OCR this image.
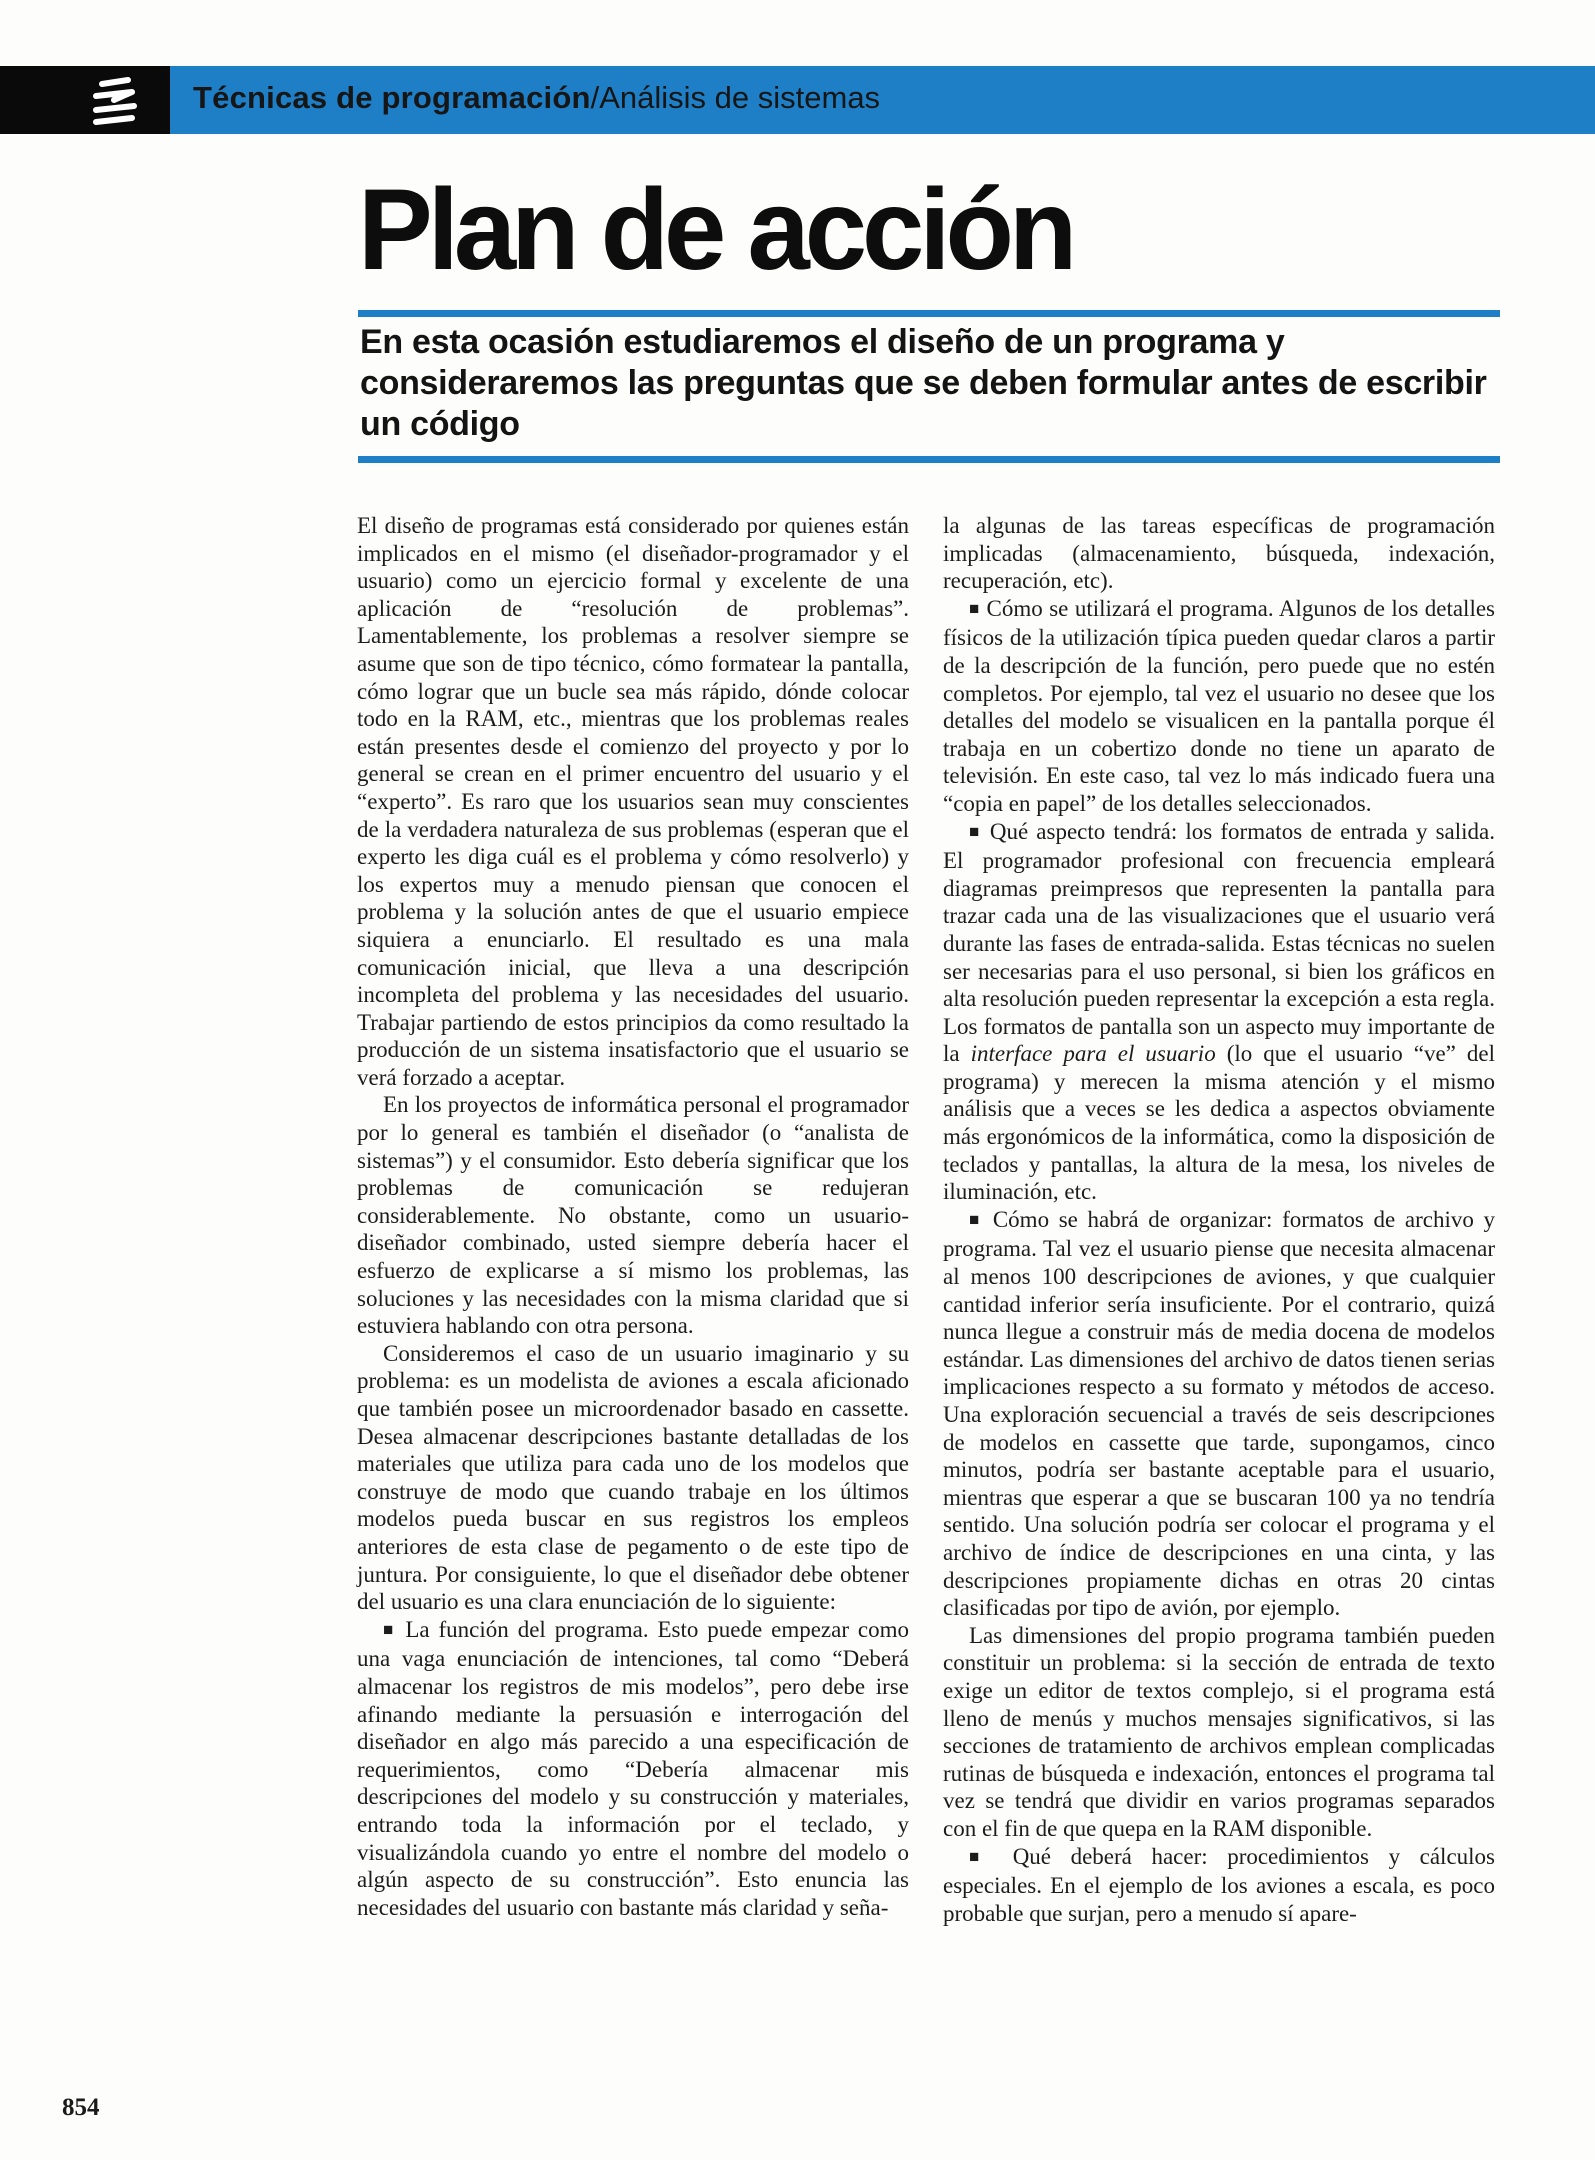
Técnicas de programación/Análisis de sistemas
Plan de acción

En esta ocasión estudiaremos el diseño de un programa y consideraremos las preguntas que se deben formular antes de escribir un código

El diseño de programas está considerado por quienes están implicados en el mismo (el diseñador-programador y el usuario) como un ejercicio formal y excelente de una aplicación de “resolución de problemas”. Lamentablemente, los problemas a resolver siempre se asume que son de tipo técnico, cómo formatear la pantalla, cómo lograr que un bucle sea más rápido, dónde colocar todo en la RAM, etc., mientras que los problemas reales están presentes desde el comienzo del proyecto y por lo general se crean en el primer encuentro del usuario y el “experto”. Es raro que los usuarios sean muy conscientes de la verdadera naturaleza de sus problemas (esperan que el experto les diga cuál es el problema y cómo resolverlo) y los expertos muy a menudo piensan que conocen el problema y la solución antes de que el usuario empiece siquiera a enunciarlo. El resultado es una mala comunicación inicial, que lleva a una descripción incompleta del problema y las necesidades del usuario. Trabajar partiendo de estos principios da como resultado la producción de un sistema insatisfactorio que el usuario se verá forzado a aceptar.

En los proyectos de informática personal el programador por lo general es también el diseñador (o “analista de sistemas”) y el consumidor. Esto debería significar que los problemas de comunicación se redujeran considerablemente. No obstante, como un usuario-diseñador combinado, usted siempre debería hacer el esfuerzo de explicarse a sí mismo los problemas, las soluciones y las necesidades con la misma claridad que si estuviera hablando con otra persona.

Consideremos el caso de un usuario imaginario y su problema: es un modelista de aviones a escala aficionado que también posee un microordenador basado en cassette. Desea almacenar descripciones bastante detalladas de los materiales que utiliza para cada uno de los modelos que construye de modo que cuando trabaje en los últimos modelos pueda buscar en sus registros los empleos anteriores de esta clase de pegamento o de este tipo de juntura. Por consiguiente, lo que el diseñador debe obtener del usuario es una clara enunciación de lo siguiente:

■ La función del programa. Esto puede empezar como una vaga enunciación de intenciones, tal como “Deberá almacenar los registros de mis modelos”, pero debe irse afinando mediante la persuasión e interrogación del diseñador en algo más parecido a una especificación de requerimientos, como “Debería almacenar mis descripciones del modelo y su construcción y materiales, entrando toda la información por el teclado, y visualizándola cuando yo entre el nombre del modelo o algún aspecto de su construcción”. Esto enuncia las necesidades del usuario con bastante más claridad y seña-

la algunas de las tareas específicas de programación implicadas (almacenamiento, búsqueda, indexación, recuperación, etc).

■ Cómo se utilizará el programa. Algunos de los detalles físicos de la utilización típica pueden quedar claros a partir de la descripción de la función, pero puede que no estén completos. Por ejemplo, tal vez el usuario no desee que los detalles del modelo se visualicen en la pantalla porque él trabaja en un cobertizo donde no tiene un aparato de televisión. En este caso, tal vez lo más indicado fuera una “copia en papel” de los detalles seleccionados.

■ Qué aspecto tendrá: los formatos de entrada y salida. El programador profesional con frecuencia empleará diagramas preimpresos que representen la pantalla para trazar cada una de las visualizaciones que el usuario verá durante las fases de entrada-salida. Estas técnicas no suelen ser necesarias para el uso personal, si bien los gráficos en alta resolución pueden representar la excepción a esta regla. Los formatos de pantalla son un aspecto muy importante de la interface para el usuario (lo que el usuario “ve” del programa) y merecen la misma atención y el mismo análisis que a veces se les dedica a aspectos obviamente más ergonómicos de la informática, como la disposición de teclados y pantallas, la altura de la mesa, los niveles de iluminación, etc.

■ Cómo se habrá de organizar: formatos de archivo y programa. Tal vez el usuario piense que necesita almacenar al menos 100 descripciones de aviones, y que cualquier cantidad inferior sería insuficiente. Por el contrario, quizá nunca llegue a construir más de media docena de modelos estándar. Las dimensiones del archivo de datos tienen serias implicaciones respecto a su formato y métodos de acceso. Una exploración secuencial a través de seis descripciones de modelos en cassette que tarde, supongamos, cinco minutos, podría ser bastante aceptable para el usuario, mientras que esperar a que se buscaran 100 ya no tendría sentido. Una solución podría ser colocar el programa y el archivo de índice de descripciones en una cinta, y las descripciones propiamente dichas en otras 20 cintas clasificadas por tipo de avión, por ejemplo.

Las dimensiones del propio programa también pueden constituir un problema: si la sección de entrada de texto exige un editor de textos complejo, si el programa está lleno de menús y muchos mensajes significativos, si las secciones de tratamiento de archivos emplean complicadas rutinas de búsqueda e indexación, entonces el programa tal vez se tendrá que dividir en varios programas separados con el fin de que quepa en la RAM disponible.

■ Qué deberá hacer: procedimientos y cálculos especiales. En el ejemplo de los aviones a escala, es poco probable que surjan, pero a menudo sí apare-

854
